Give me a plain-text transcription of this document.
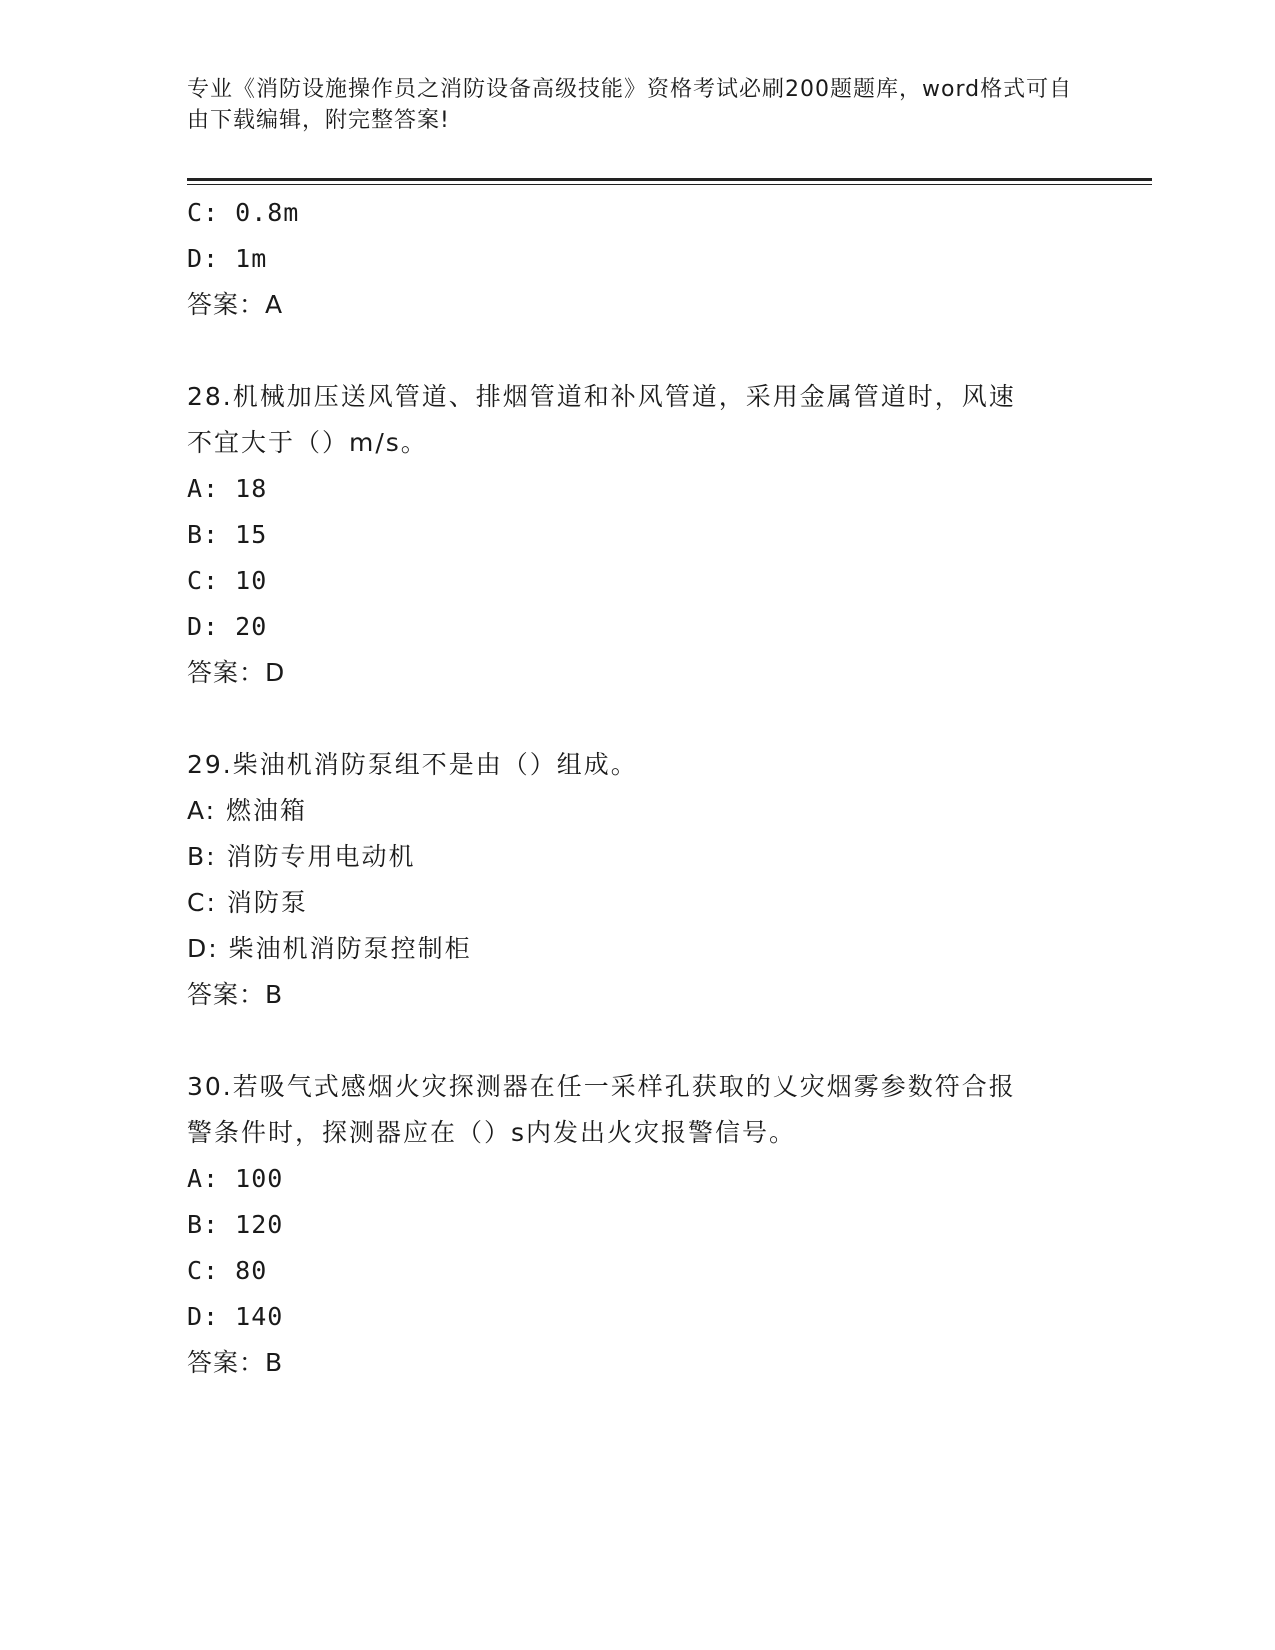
专业《消防设施操作员之消防设备高级技能》资格考试必刷200题题库，word格式可自由下载编辑，附完整答案!
C: 0.8m
D: 1m
答案：A
28.机械加压送风管道、排烟管道和补风管道，采用金属管道时，风速
不宜大于（）m/s。
A: 18
B: 15
C: 10
D: 20
答案：D
29.柴油机消防泵组不是由（）组成。
A: 燃油箱
B: 消防专用电动机
C: 消防泵
D: 柴油机消防泵控制柜
答案：B
30.若吸气式感烟火灾探测器在任一采样孔获取的乂灾烟雾参数符合报
警条件时，探测器应在（）s内发出火灾报警信号。
A: 100
B: 120
C: 80
D: 140
答案：B
